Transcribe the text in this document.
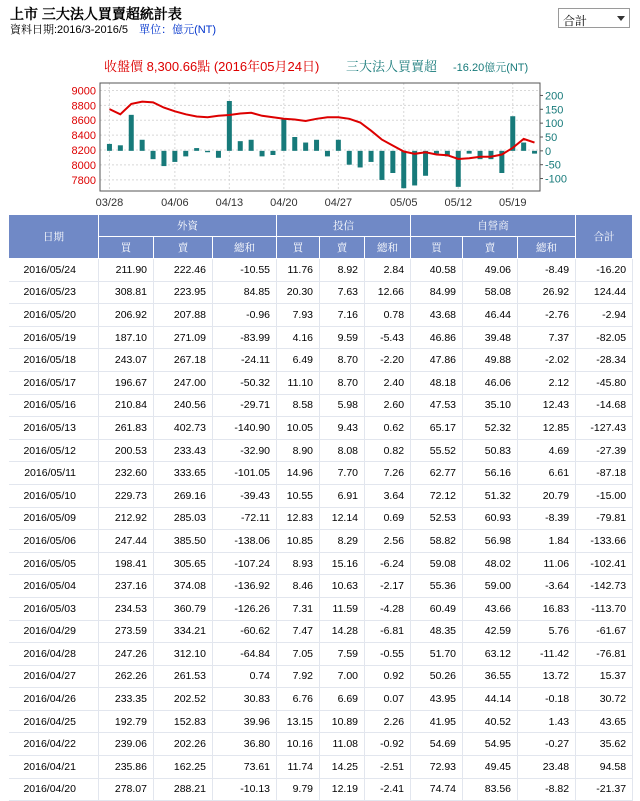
上市 三大法人買賣超統計表
資料日期:2016/3-2016/5 單位：億元(NT)
合計
7800
8000
8200
8400
8600
8800
9000
-100
-50
0
50
100
150
200
03/28	04/06 04/13 04/20 04/27	05/05 05/12 05/19
收盤價 8,300.66點 (2016年05月24日) 三大法人買賣超 -16.20億元(NT)
日期	外資			投信			自營商			合計
	買	賣	總和	買	賣	總和	買	賣	總和	
2016/05/24	211.90	222.46	-10.55	11.76	8.92	2.84	40.58	49.06	-8.49	-16.20
2016/05/23	308.81	223.95	84.85	20.30	7.63	12.66	84.99	58.08	26.92	124.44
2016/05/20	206.92	207.88	-0.96	7.93	7.16	0.78	43.68	46.44	-2.76	-2.94
2016/05/19	187.10	271.09	-83.99	4.16	9.59	-5.43	46.86	39.48	7.37	-82.05
2016/05/18	243.07	267.18	-24.11	6.49	8.70	-2.20	47.86	49.88	-2.02	-28.34
2016/05/17	196.67	247.00	-50.32	11.10	8.70	2.40	48.18	46.06	2.12	-45.80
2016/05/16	210.84	240.56	-29.71	8.58	5.98	2.60	47.53	35.10	12.43	-14.68
2016/05/13	261.83	402.73	-140.90	10.05	9.43	0.62	65.17	52.32	12.85	-127.43
2016/05/12	200.53	233.43	-32.90	8.90	8.08	0.82	55.52	50.83	4.69	-27.39
2016/05/11	232.60	333.65	-101.05	14.96	7.70	7.26	62.77	56.16	6.61	-87.18
2016/05/10	229.73	269.16	-39.43	10.55	6.91	3.64	72.12	51.32	20.79	-15.00
2016/05/09	212.92	285.03	-72.11	12.83	12.14	0.69	52.53	60.93	-8.39	-79.81
2016/05/06	247.44	385.50	-138.06	10.85	8.29	2.56	58.82	56.98	1.84	-133.66
2016/05/05	198.41	305.65	-107.24	8.93	15.16	-6.24	59.08	48.02	11.06	-102.41
2016/05/04	237.16	374.08	-136.92	8.46	10.63	-2.17	55.36	59.00	-3.64	-142.73
2016/05/03	234.53	360.79	-126.26	7.31	11.59	-4.28	60.49	43.66	16.83	-113.70
2016/04/29	273.59	334.21	-60.62	7.47	14.28	-6.81	48.35	42.59	5.76	-61.67
2016/04/28	247.26	312.10	-64.84	7.05	7.59	-0.55	51.70	63.12	-11.42	-76.81
2016/04/27	262.26	261.53	0.74	7.92	7.00	0.92	50.26	36.55	13.72	15.37
2016/04/26	233.35	202.52	30.83	6.76	6.69	0.07	43.95	44.14	-0.18	30.72
2016/04/25	192.79	152.83	39.96	13.15	10.89	2.26	41.95	40.52	1.43	43.65
2016/04/22	239.06	202.26	36.80	10.16	11.08	-0.92	54.69	54.95	-0.27	35.62
2016/04/21	235.86	162.25	73.61	11.74	14.25	-2.51	72.93	49.45	23.48	94.58
2016/04/20	278.07	288.21	-10.13	9.79	12.19	-2.41	74.74	83.56	-8.82	-21.37
